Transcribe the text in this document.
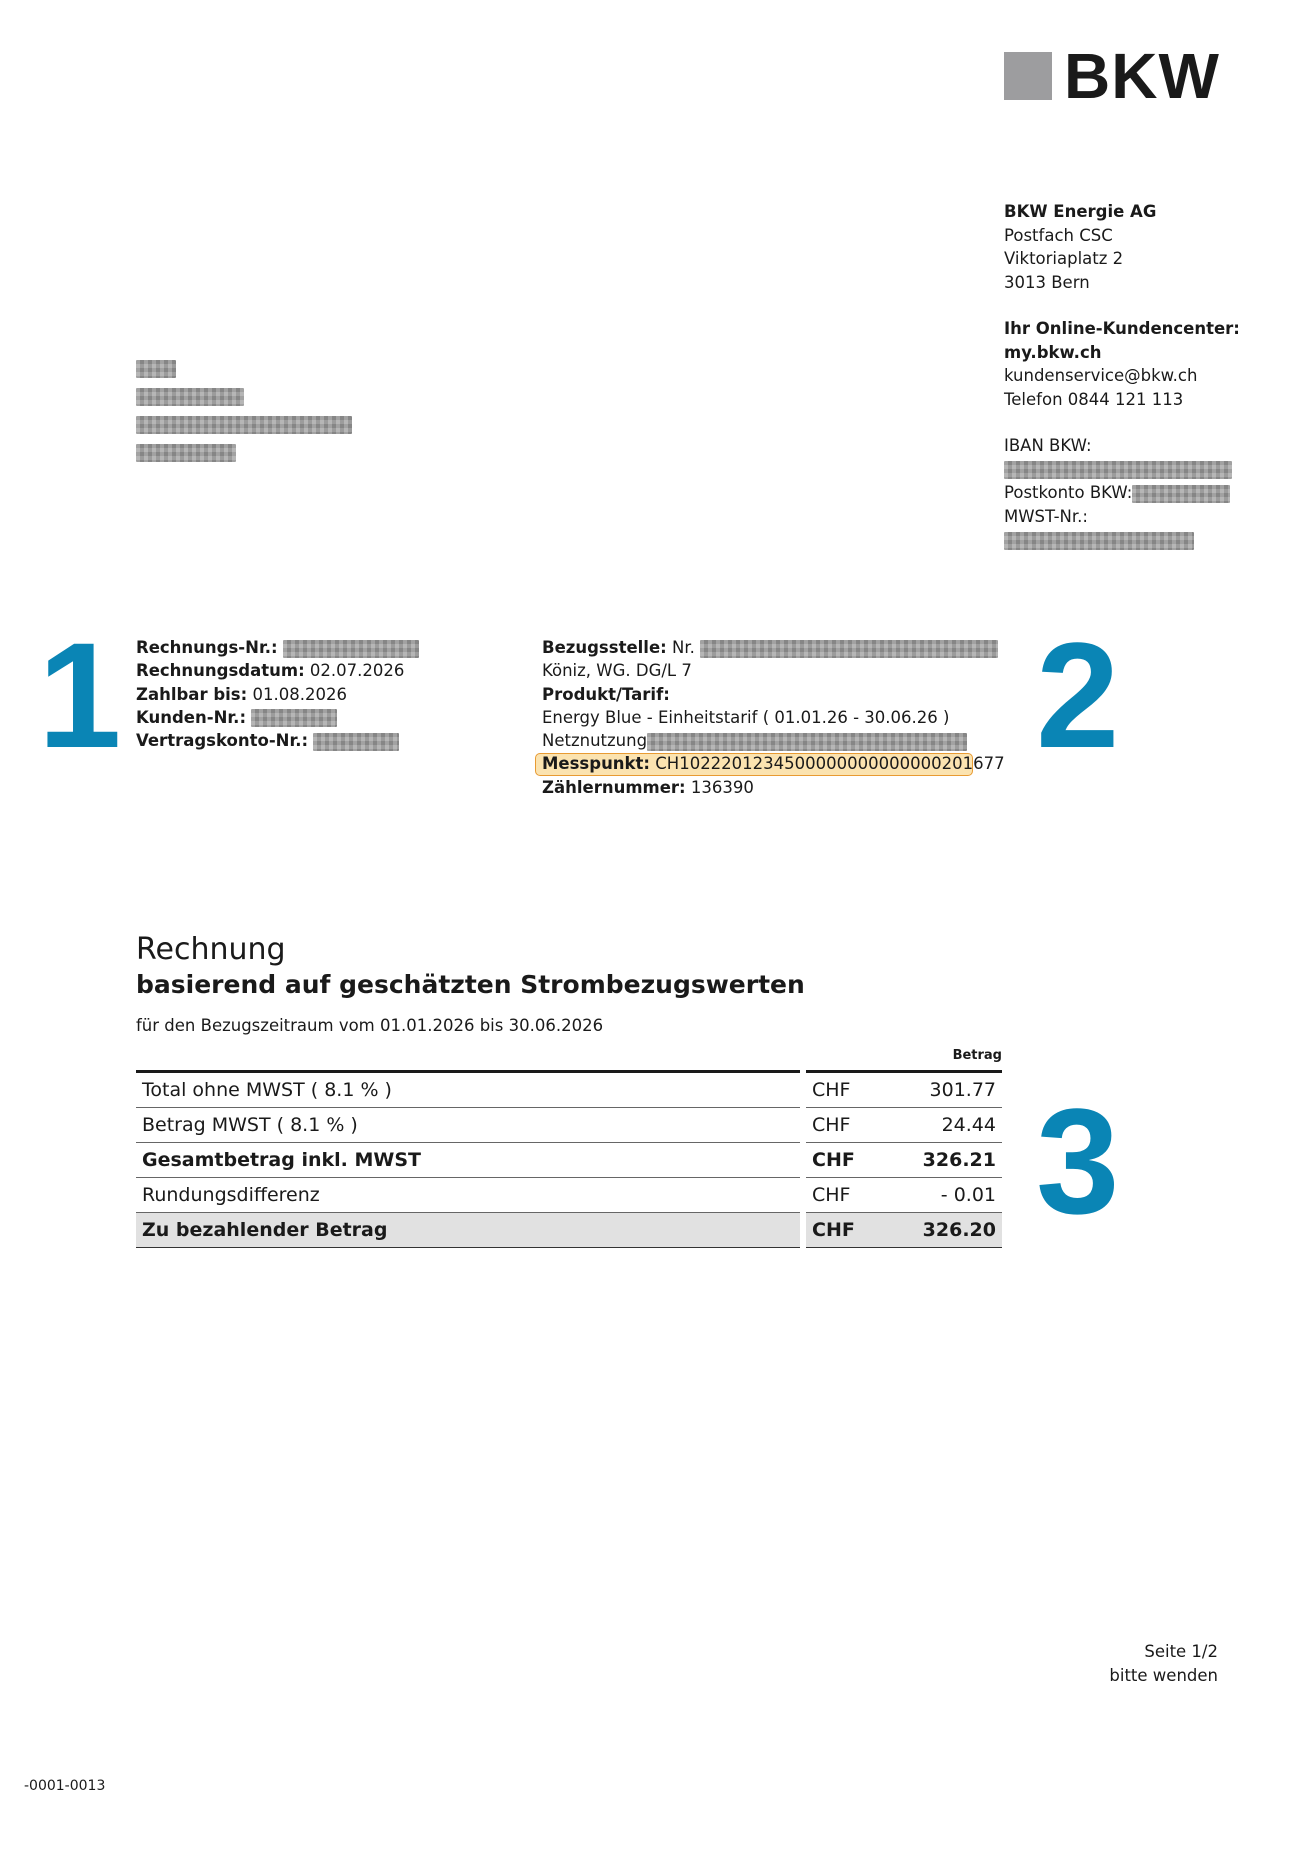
BKW
BKW Energie AG
Postfach CSC
Viktoriaplatz 2
3013 Bern
Ihr Online-Kundencenter:
my.bkw.ch
kundenservice@bkw.ch
Telefon 0844 121 113
IBAN BKW:
Postkonto BKW:
MWST-Nr.:
1 Rechnungs-Nr.:
Rechnungsdatum: 02.07.2026
Zahlbar bis: 01.08.2026
Kunden-Nr.:
Vertragskonto-Nr.:
Bezugsstelle: Nr.
Köniz, WG. DG/L 7
Produkt/Tarif:
Energy Blue - Einheitstarif ( 01.01.26 - 30.06.26 )
Netznutzung
Messpunkt: CH1022201234500000000000000201677
Zählernummer: 136390
2
Rechnung
basierend auf geschätzten Strombezugswerten
für den Bezugszeitraum vom 01.01.2026 bis 30.06.2026
Betrag
Total ohne MWST ( 8.1 % )	CHF	301.77
Betrag MWST ( 8.1 % )	CHF	24.44
Gesamtbetrag inkl. MWST	CHF	326.21
Rundungsdifferenz	CHF	- 0.01
Zu bezahlender Betrag	CHF	326.20 3
Seite 1/2
bitte wenden
-0001-0013
